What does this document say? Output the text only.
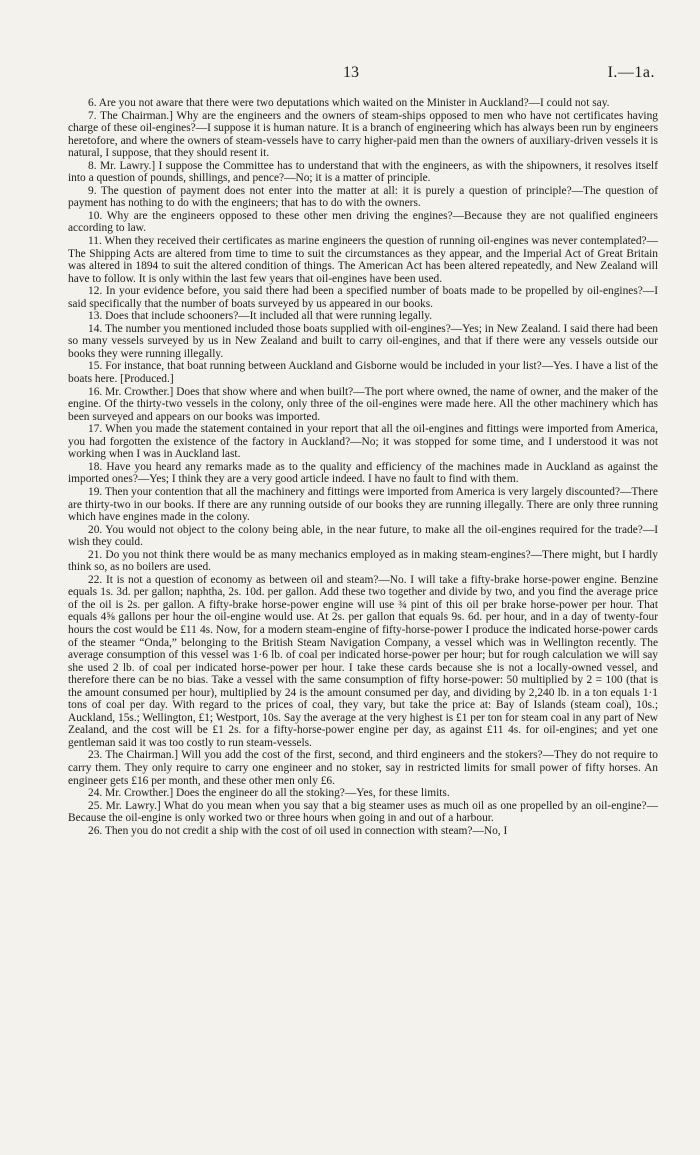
13	I.—1a.

6. Are you not aware that there were two deputations which waited on the Minister in Auckland?—I could not say.

7. The Chairman.] Why are the engineers and the owners of steam-ships opposed to men who have not certificates having charge of these oil-engines?—I suppose it is human nature. It is a branch of engineering which has always been run by engineers heretofore, and where the owners of steam-vessels have to carry higher-paid men than the owners of auxiliary-driven vessels it is natural, I suppose, that they should resent it.

8. Mr. Lawry.] I suppose the Committee has to understand that with the engineers, as with the shipowners, it resolves itself into a question of pounds, shillings, and pence?—No; it is a matter of principle.

9. The question of payment does not enter into the matter at all: it is purely a question of principle?—The question of payment has nothing to do with the engineers; that has to do with the owners.

10. Why are the engineers opposed to these other men driving the engines?—Because they are not qualified engineers according to law.

11. When they received their certificates as marine engineers the question of running oil-engines was never contemplated?—The Shipping Acts are altered from time to time to suit the circumstances as they appear, and the Imperial Act of Great Britain was altered in 1894 to suit the altered condition of things. The American Act has been altered repeatedly, and New Zealand will have to follow. It is only within the last few years that oil-engines have been used.

12. In your evidence before, you said there had been a specified number of boats made to be propelled by oil-engines?—I said specifically that the number of boats surveyed by us appeared in our books.

13. Does that include schooners?—It included all that were running legally.

14. The number you mentioned included those boats supplied with oil-engines?—Yes; in New Zealand. I said there had been so many vessels surveyed by us in New Zealand and built to carry oil-engines, and that if there were any vessels outside our books they were running illegally.

15. For instance, that boat running between Auckland and Gisborne would be included in your list?—Yes. I have a list of the boats here. [Produced.]

16. Mr. Crowther.] Does that show where and when built?—The port where owned, the name of owner, and the maker of the engine. Of the thirty-two vessels in the colony, only three of the oil-engines were made here. All the other machinery which has been surveyed and appears on our books was imported.

17. When you made the statement contained in your report that all the oil-engines and fittings were imported from America, you had forgotten the existence of the factory in Auckland?—No; it was stopped for some time, and I understood it was not working when I was in Auckland last.

18. Have you heard any remarks made as to the quality and efficiency of the machines made in Auckland as against the imported ones?—Yes; I think they are a very good article indeed. I have no fault to find with them.

19. Then your contention that all the machinery and fittings were imported from America is very largely discounted?—There are thirty-two in our books. If there are any running outside of our books they are running illegally. There are only three running which have engines made in the colony.

20. You would not object to the colony being able, in the near future, to make all the oil-engines required for the trade?—I wish they could.

21. Do you not think there would be as many mechanics employed as in making steam-engines?—There might, but I hardly think so, as no boilers are used.

22. It is not a question of economy as between oil and steam?—No. I will take a fifty-brake horse-power engine. Benzine equals 1s. 3d. per gallon; naphtha, 2s. 10d. per gallon. Add these two together and divide by two, and you find the average price of the oil is 2s. per gallon. A fifty-brake horse-power engine will use ¾ pint of this oil per brake horse-power per hour. That equals 4⅝ gallons per hour the oil-engine would use. At 2s. per gallon that equals 9s. 6d. per hour, and in a day of twenty-four hours the cost would be £11 4s. Now, for a modern steam-engine of fifty-horse-power I produce the indicated horse-power cards of the steamer “Onda,” belonging to the British Steam Navigation Company, a vessel which was in Wellington recently. The average consumption of this vessel was 1·6 lb. of coal per indicated horse-power per hour; but for rough calculation we will say she used 2 lb. of coal per indicated horse-power per hour. I take these cards because she is not a locally-owned vessel, and therefore there can be no bias. Take a vessel with the same consumption of fifty horse-power: 50 multiplied by 2 = 100 (that is the amount consumed per hour), multiplied by 24 is the amount consumed per day, and dividing by 2,240 lb. in a ton equals 1·1 tons of coal per day. With regard to the prices of coal, they vary, but take the price at: Bay of Islands (steam coal), 10s.; Auckland, 15s.; Wellington, £1; Westport, 10s. Say the average at the very highest is £1 per ton for steam coal in any part of New Zealand, and the cost will be £1 2s. for a fifty-horse-power engine per day, as against £11 4s. for oil-engines; and yet one gentleman said it was too costly to run steam-vessels.

23. The Chairman.] Will you add the cost of the first, second, and third engineers and the stokers?—They do not require to carry them. They only require to carry one engineer and no stoker, say in restricted limits for small power of fifty horses. An engineer gets £16 per month, and these other men only £6.

24. Mr. Crowther.] Does the engineer do all the stoking?—Yes, for these limits.

25. Mr. Lawry.] What do you mean when you say that a big steamer uses as much oil as one propelled by an oil-engine?—Because the oil-engine is only worked two or three hours when going in and out of a harbour.

26. Then you do not credit a ship with the cost of oil used in connection with steam?—No, I
